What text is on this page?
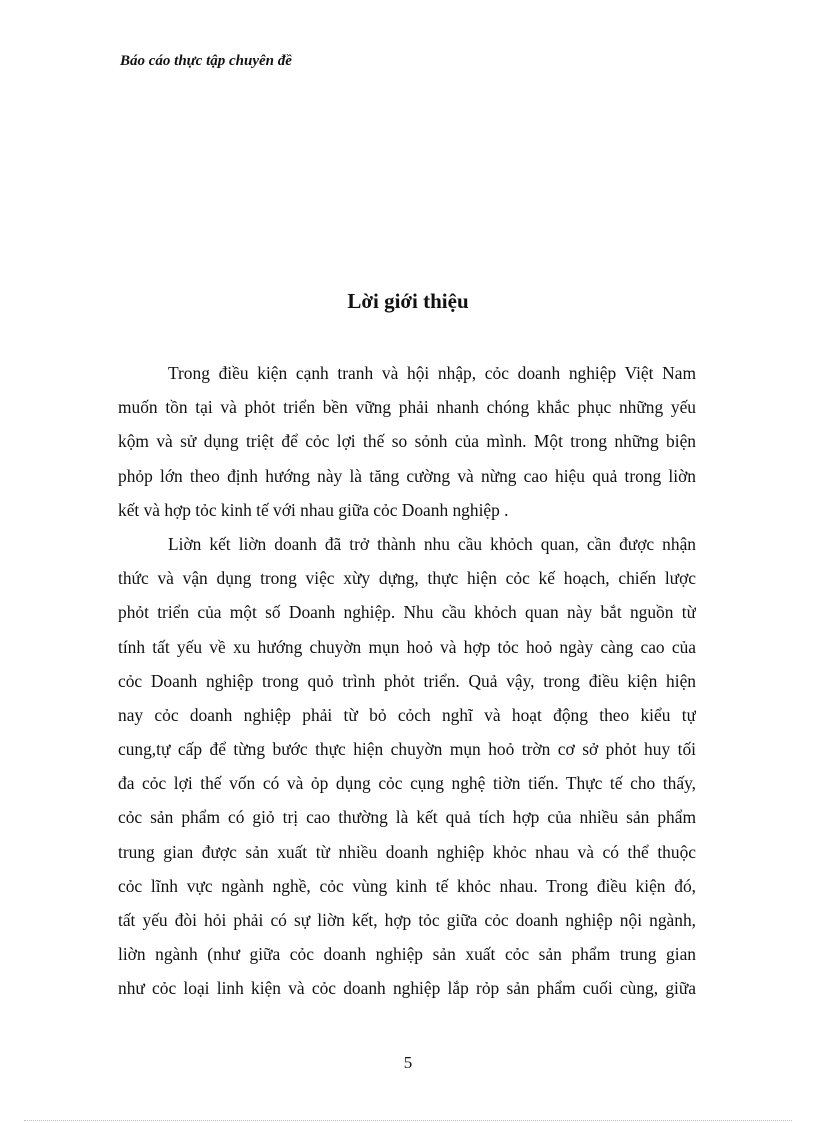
Báo cáo thực tập chuyên đề
Lời giới thiệu
Trong điều kiện cạnh tranh và hội nhập, cỏc doanh nghiệp Việt Nam
muốn tồn tại và phỏt triển bền vững phải nhanh chóng khắc phục những yếu
kộm và sử dụng triệt để cỏc lợi thế so sỏnh của mình. Một trong những biện
phỏp lớn theo định hướng này là tăng cường và nừng cao hiệu quả trong liờn
kết và hợp tỏc kinh tế với nhau giữa cỏc Doanh nghiệp .
Liờn kết liờn doanh đã trở thành nhu cầu khỏch quan, cần được nhận
thức và vận dụng trong việc xừy dựng, thực hiện cỏc kế hoạch, chiến lược
phỏt triển của một số Doanh nghiệp. Nhu cầu khỏch quan này bắt nguồn từ
tính tất yếu về xu hướng chuyờn mụn hoỏ và hợp tỏc hoỏ ngày càng cao của
cỏc Doanh nghiệp trong quỏ trình phỏt triển. Quả vậy, trong điều kiện hiện
nay cỏc doanh nghiệp phải từ bỏ cỏch nghĩ và hoạt động theo kiểu tự
cung,tự cấp để từng bước thực hiện chuyờn mụn hoỏ trờn cơ sở phỏt huy tối
đa cỏc lợi thế vốn có và ỏp dụng cỏc cụng nghệ tiờn tiến. Thực tế cho thấy,
cỏc sản phẩm có giỏ trị cao thường là kết quả tích hợp của nhiều sản phẩm
trung gian được sản xuất từ nhiều doanh nghiệp khỏc nhau và có thể thuộc
cỏc lĩnh vực ngành nghề, cỏc vùng kinh tế khỏc nhau. Trong điều kiện đó,
tất yếu đòi hỏi phải có sự liờn kết, hợp tỏc giữa cỏc doanh nghiệp nội ngành,
liờn ngành (như giữa cỏc doanh nghiệp sản xuất cỏc sản phẩm trung gian
như cỏc loại linh kiện và cỏc doanh nghiệp lắp rỏp sản phẩm cuối cùng, giữa
5
